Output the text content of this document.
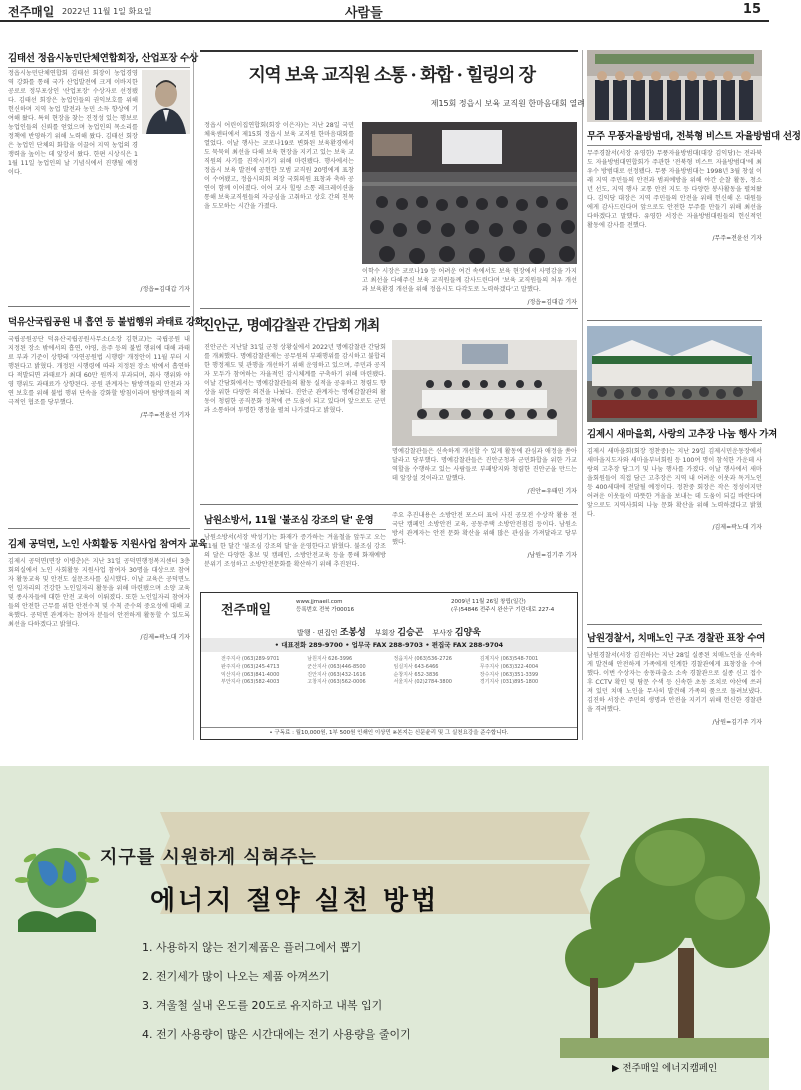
전주매일 2022년 11월 1일 화요일	사람들	15
김태선 정읍시농민단체연합회장, 산업포장 수상
정읍시농민단체연합회 김태선 회장이 농업경영역 강화를 통해 국가 산업발전에 크게 이바지한 공로로 정부포상인 '산업포장' 수상자로 선정됐다. 김태선 회장은 농업인들의 권익보호를 위해 헌신하며 지역 농업 발전과 농민 소득 향상에 기여해 왔다. 특히 현장을 찾는 진정성 있는 행보로 농업인들의 신뢰를 얻었으며 농업인의 목소리를 정책에 반영하기 위해 노력해 왔다. 김태선 회장은 농업인 단체의 화합을 이끌어 지역 농업의 경쟁력을 높이는 데 앞장서 왔다. 한편 시상식은 11월 11일 농업인의 날 기념식에서 진행될 예정이다.
/정읍=김대갑 기자
덕유산국립공원 내 흡연 등 불법행위 과태료 강화
국립공원공단 덕유산국립공원사무소(소장 김현교)는 국립공원 내 지정된 장소 밖에서의 흡연, 야영, 음주 등의 불법 행위에 대해 과태료 부과 기준이 상향돼 '자연공원법 시행령' 개정안이 11월 부터 시행된다고 밝혔다. 개정된 시행령에 따라 지정된 장소 밖에서 흡연하다 적발되면 과태료가 최대 60만 원까지 부과되며, 취사 행위와 야영 행위도 과태료가 상향된다. 공원 관계자는 탐방객들의 안전과 자연 보호를 위해 불법 행위 단속을 강화할 방침이라며 탐방객들의 적극적인 협조를 당부했다.
/무주=전윤선 기자
김제 공덕면, 노인 사회활동 지원사업 참여자 교육
김제시 공덕면(면장 이병춘)은 지난 31일 공덕면행정복지센터 3층 회의실에서 노인 사회활동 지원사업 참여자 30명을 대상으로 참여자 활동교육 및 안전도 설문조사를 실시했다. 이날 교육은 공덕면노인 일자리의 건강한 노인일자리 활동을 위해 마련됐으며 소양 교육 및 종사자들에 대한 안전 교육이 이뤄졌다. 또한 노인일자리 참여자들의 안전한 근무를 위한 안전수칙 및 수칙 준수의 중요성에 대해 교육했다. 공덕면 관계자는 참여자 분들이 안전하게 활동할 수 있도록 최선을 다하겠다고 밝혔다.
/김제=곽노대 기자
지역 보육 교직원 소통 · 화합 · 힐링의 장
제15회 정읍시 보육 교직원 한마음대회 열려
정읍시 어린이집연합회(회장 이은자)는 지난 28일 국민체육센터에서 제15회 정읍시 보육 교직원 한마음대회를 열었다. 이날 행사는 코로나19로 변화된 보육환경에서도 묵묵히 최선을 다해 보육 현장을 지키고 있는 보육 교직원의 사기를 진작시키기 위해 마련됐다. 행사에서는 정읍시 보육 발전에 공헌한 모범 교직원 20명에게 표창이 수여됐고, 정읍시의회 의장 국회의원 표창과 축하 공연이 함께 이어졌다. 이어 교사 힐링 소통 레크레이션을 통해 보육교직원들의 자긍심을 고취하고 상호 간의 친목을 도모하는 시간을 가졌다.
이학수 시장은 코로나19 등 어려운 여건 속에서도 보육 현장에서 사명감을 가지고 최선을 다해주신 보육 교직원들께 감사드린다며 '보육 교직원들의 처우 개선과 보육환경 개선을 위해 정읍시도 다각도로 노력하겠다'고 말했다.
/정읍=김대갑 기자
진안군, 명예감찰관 간담회 개최
진안군은 지난달 31일 군청 상황실에서 2022년 명예감찰관 간담회를 개최했다. 명예감찰관제는 공무원의 부패행위를 감시하고 불합리한 행정제도 및 관행을 개선하기 위해 운영하고 있으며, 주민과 공직자 모두가 참여하는 자율적인 감시체계를 구축하기 위해 마련됐다. 이날 간담회에서는 명예감찰관들의 활동 실적을 공유하고 청렴도 향상을 위한 다양한 의견을 나눴다. 진안군 관계자는 명예감찰관의 활동이 청렴한 공직문화 정착에 큰 도움이 되고 있다며 앞으로도 군민과 소통하며 투명한 행정을 펼쳐 나가겠다고 밝혔다.
명예감찰관들은 신속하게 개선할 수 있게 활동에 관심과 애정을 쏟아 달라고 당부했다. 명예감찰관들은 진안군청과 군민화합을 위한 가교역할을 수행하고 있는 사람들로 부패방지와 청렴한 진안군을 만드는 데 앞장설 것이라고 말했다.
/진안=우태민 기자
남원소방서, 11월 '불조심 강조의 달' 운영
남원소방서(서장 박성기)는 화재가 증가하는 겨울철을 앞두고 오는 11월 한 달간 '불조심 강조의 달'을 운영한다고 밝혔다. 불조심 강조의 달은 다양한 홍보 및 캠페인, 소방안전교육 등을 통해 화재예방 분위기 조성하고 소방안전문화를 확산하기 위해 추진된다.
주요 추진내용은 소방안전 포스터 표어 사진 공모전 수상작 활용 전국단 캠페인 소방안전 교육, 공동주택 소방안전점검 등이다. 남원소방서 관계자는 안전 문화 확산을 위해 많은 관심을 가져달라고 당부했다.
/남원=김기주 기자
전주매일
www.jjmaeil.com
등록번호 전북 가00016
2009년 11월 26일 창립(일간)
(우)54846 전주시 완산구 기린대로 227-4
발행 · 편집인 조봉성 부회장 김승곤 부사장 김양욱
• 대표전화 289-9700 • 업무국 FAX 288-9703 • 편집국 FAX 288-9704
전주지사 (063)289-9701	남원지사 626-3996	정읍지사 (063)536-2726	김제지사 (063)548-7001
완주지사 (063)245-4713	군산지사 (063)446-8500	임실지사 643-6466	무주지사 (063)322-4004
익산지사 (063)841-4000	진안지사 (063)432-1616	순창지사 652-3836	장수지사 (063)351-3399
부안지사 (063)582-4003	고창지사 (063)562-0006	서울지사 (02)2784-3800	경기지사 (031)895-1800
• 구독료 : 월10,000원, 1부 500원 인쇄인 이상민 ※본지는 신문윤리 및 그 실천요강을 준수합니다.
무주 무풍자율방범대, 전북형 비스트 자율방범대 선정
무주경찰서(서장 유영한) 무풍자율방범대(대장 김익당)는 전라북도 자율방범대연합회가 주관한 '전북형 비스트 자율방범대'에 최우수 방범대로 선정됐다. 무풍 자율방범대는 1998년 3월 창설 이래 지역 주민들의 안전과 범죄예방을 위해 야간 순찰 활동, 청소년 선도, 지역 행사 교통 안전 지도 등 다양한 봉사활동을 펼쳐왔다. 김익당 대장은 지역 주민들의 안전을 위해 헌신해 온 대원들에게 감사드린다며 앞으로도 안전한 무주를 만들기 위해 최선을 다하겠다고 말했다. 유영한 서장은 자율방범대원들의 헌신적인 활동에 감사를 전했다.
/무주=전윤선 기자
김제시 새마을회, 사랑의 고추장 나눔 행사 가져
김제시 새마을회(회장 정찬중)는 지난 29일 김제시민운동장에서 새마을지도자와 새마을부녀회원 등 100여 명이 참석한 가운데 사랑의 고추장 담그기 및 나눔 행사를 가졌다. 이날 행사에서 새마을회원들이 직접 담근 고추장은 지역 내 어려운 이웃과 독거노인 등 400세대에 전달될 예정이다. 정찬중 회장은 작은 정성이지만 어려운 이웃들이 따뜻한 겨울을 보내는 데 도움이 되길 바란다며 앞으로도 지역사회의 나눔 문화 확산을 위해 노력하겠다고 밝혔다.
/김제=곽노대 기자
남원경찰서, 치매노인 구조 경찰관 표창 수여
남원경찰서(서장 김진하)는 지난 28일 실종된 치매노인을 신속하게 발견해 안전하게 가족에게 인계한 경찰관에게 표창장을 수여했다. 이번 수상자는 송동파출소 소속 경찰관으로 실종 신고 접수 후 CCTV 확인 및 탐문 수색 등 신속한 초동 조치로 야산에 쓰러져 있던 치매 노인을 무사히 발견해 가족의 품으로 돌려보냈다. 김진하 서장은 주민의 생명과 안전을 지키기 위해 헌신한 경찰관을 격려했다.
/남원=김기주 기자
지구를 시원하게 식혀주는
에너지 절약 실천 방법
1. 사용하지 않는 전기제품은 플러그에서 뽑기
2. 전기세가 많이 나오는 제품 아껴쓰기
3. 겨울철 실내 온도를 20도로 유지하고 내복 입기
4. 전기 사용량이 많은 시간대에는 전기 사용량을 줄이기
▶ 전주매일 에너지캠페인
